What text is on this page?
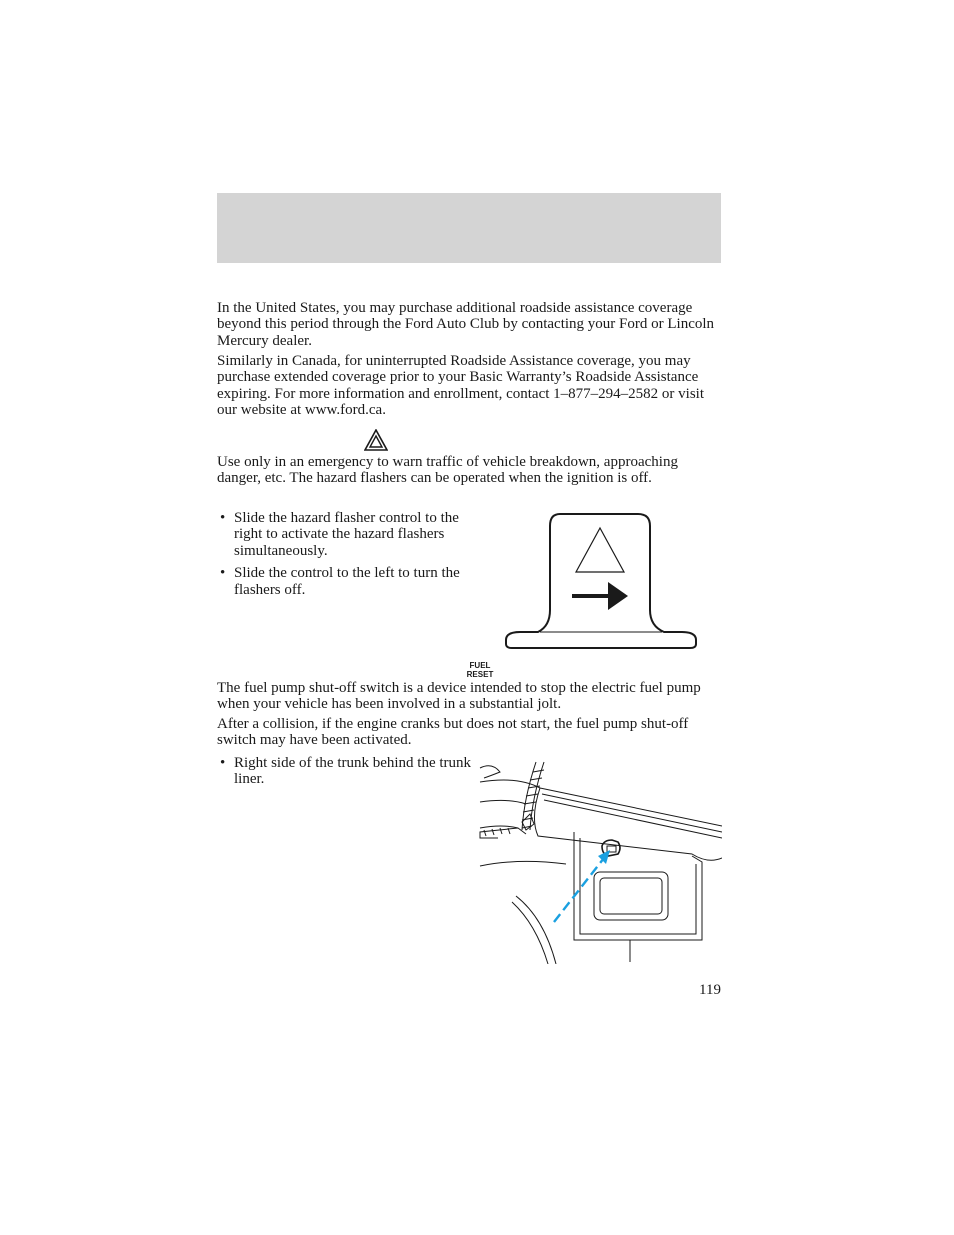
In the United States, you may purchase additional roadside assistance coverage beyond this period through the Ford Auto Club by contacting your Ford or Lincoln Mercury dealer.

Similarly in Canada, for uninterrupted Roadside Assistance coverage, you may purchase extended coverage prior to your Basic Warranty’s Roadside Assistance expiring. For more information and enrollment, contact 1–877–294–2582 or visit our website at www.ford.ca.

Use only in an emergency to warn traffic of vehicle breakdown, approaching danger, etc. The hazard flashers can be operated when the ignition is off.

• Slide the hazard flasher control to the right to activate the hazard flashers simultaneously.
• Slide the control to the left to turn the flashers off.
FUEL
RESET

The fuel pump shut-off switch is a device intended to stop the electric fuel pump when your vehicle has been involved in a substantial jolt.

After a collision, if the engine cranks but does not start, the fuel pump shut-off switch may have been activated.

• Right side of the trunk behind the trunk liner.
119
